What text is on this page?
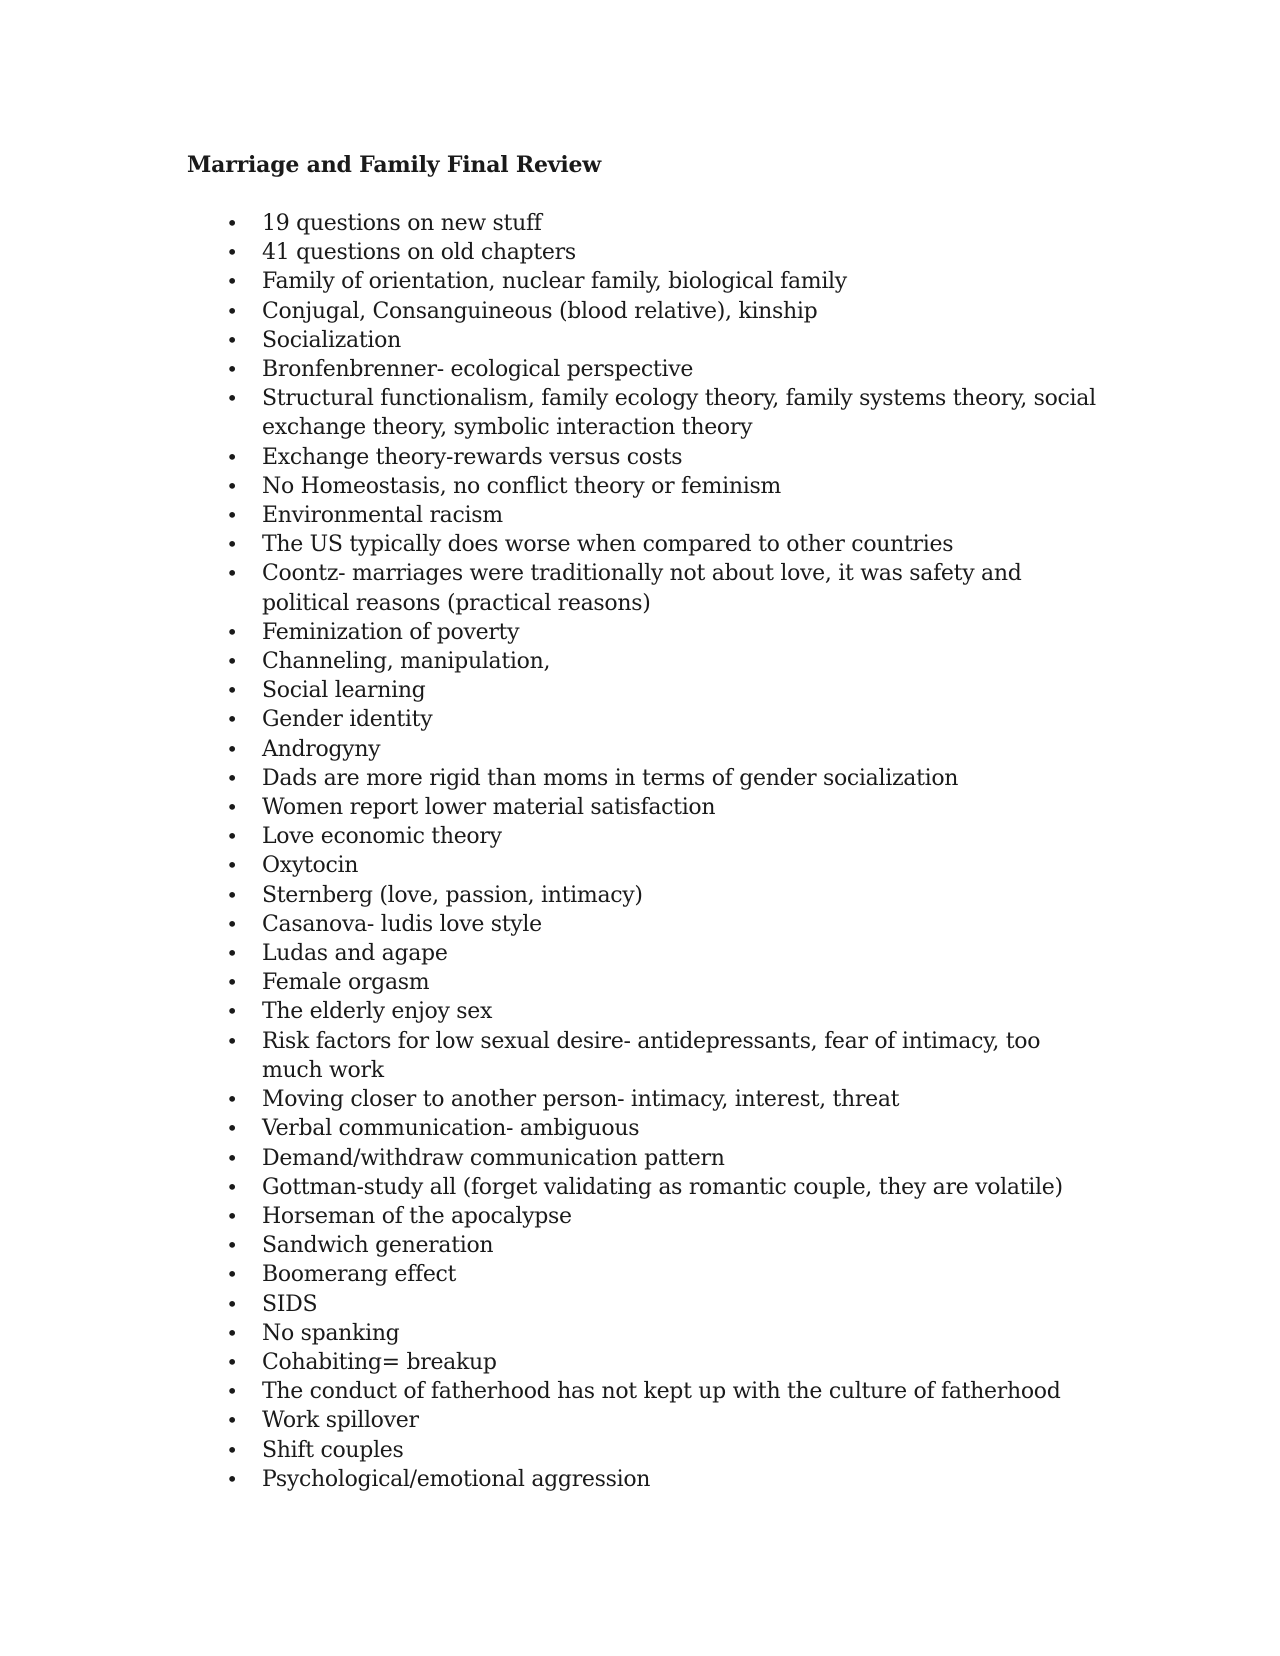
Marriage and Family Final Review
• 19 questions on new stuff
• 41 questions on old chapters
• Family of orientation, nuclear family, biological family
• Conjugal, Consanguineous (blood relative), kinship
• Socialization
• Bronfenbrenner- ecological perspective
• Structural functionalism, family ecology theory, family systems theory, social exchange theory, symbolic interaction theory
• Exchange theory-rewards versus costs
• No Homeostasis, no conflict theory or feminism
• Environmental racism
• The US typically does worse when compared to other countries
• Coontz- marriages were traditionally not about love, it was safety and political reasons (practical reasons)
• Feminization of poverty
• Channeling, manipulation,
• Social learning
• Gender identity
• Androgyny
• Dads are more rigid than moms in terms of gender socialization
• Women report lower material satisfaction
• Love economic theory
• Oxytocin
• Sternberg (love, passion, intimacy)
• Casanova- ludis love style
• Ludas and agape
• Female orgasm
• The elderly enjoy sex
• Risk factors for low sexual desire- antidepressants, fear of intimacy, too much work
• Moving closer to another person- intimacy, interest, threat
• Verbal communication- ambiguous
• Demand/withdraw communication pattern
• Gottman-study all (forget validating as romantic couple, they are volatile)
• Horseman of the apocalypse
• Sandwich generation
• Boomerang effect
• SIDS
• No spanking
• Cohabiting= breakup
• The conduct of fatherhood has not kept up with the culture of fatherhood
• Work spillover
• Shift couples
• Psychological/emotional aggression
